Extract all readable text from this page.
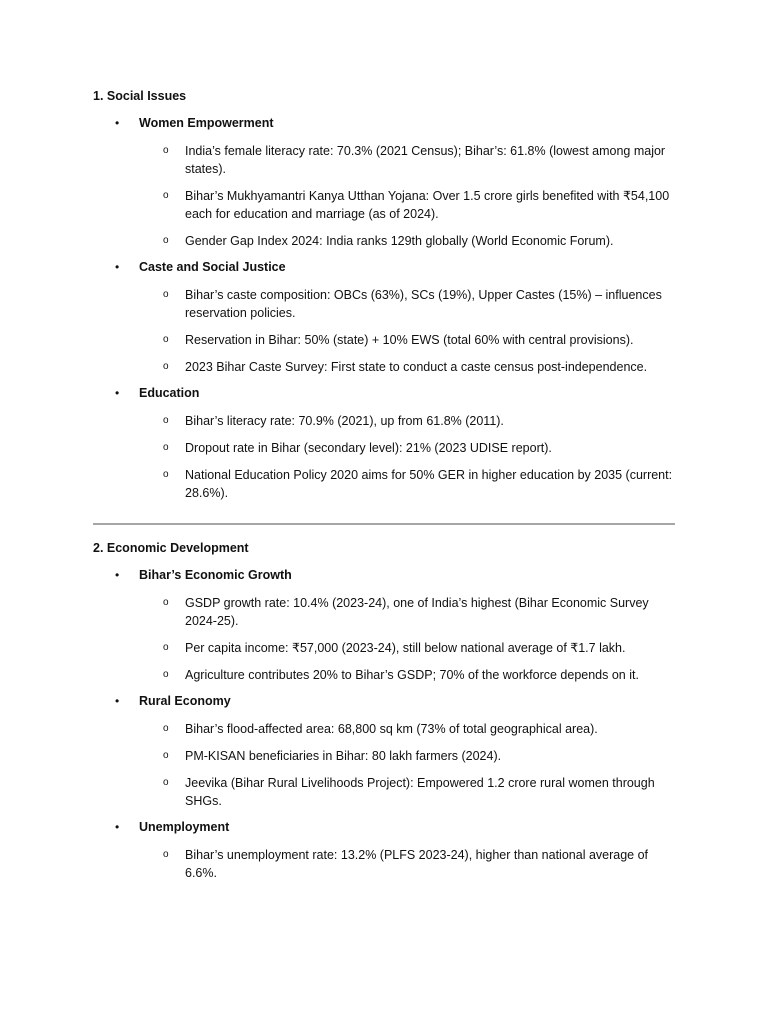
1. Social Issues

• Women Empowerment
o India’s female literacy rate: 70.3% (2021 Census); Bihar’s: 61.8% (lowest among major states).
o Bihar’s Mukhyamantri Kanya Utthan Yojana: Over 1.5 crore girls benefited with ₹54,100 each for education and marriage (as of 2024).
o Gender Gap Index 2024: India ranks 129th globally (World Economic Forum).
• Caste and Social Justice
o Bihar’s caste composition: OBCs (63%), SCs (19%), Upper Castes (15%) – influences reservation policies.
o Reservation in Bihar: 50% (state) + 10% EWS (total 60% with central provisions).
o 2023 Bihar Caste Survey: First state to conduct a caste census post-independence.
• Education
o Bihar’s literacy rate: 70.9% (2021), up from 61.8% (2011).
o Dropout rate in Bihar (secondary level): 21% (2023 UDISE report).
o National Education Policy 2020 aims for 50% GER in higher education by 2035 (current: 28.6%).

2. Economic Development

• Bihar’s Economic Growth
o GSDP growth rate: 10.4% (2023-24), one of India’s highest (Bihar Economic Survey 2024-25).
o Per capita income: ₹57,000 (2023-24), still below national average of ₹1.7 lakh.
o Agriculture contributes 20% to Bihar’s GSDP; 70% of the workforce depends on it.
• Rural Economy
o Bihar’s flood-affected area: 68,800 sq km (73% of total geographical area).
o PM-KISAN beneficiaries in Bihar: 80 lakh farmers (2024).
o Jeevika (Bihar Rural Livelihoods Project): Empowered 1.2 crore rural women through SHGs.
• Unemployment
o Bihar’s unemployment rate: 13.2% (PLFS 2023-24), higher than national average of 6.6%.
